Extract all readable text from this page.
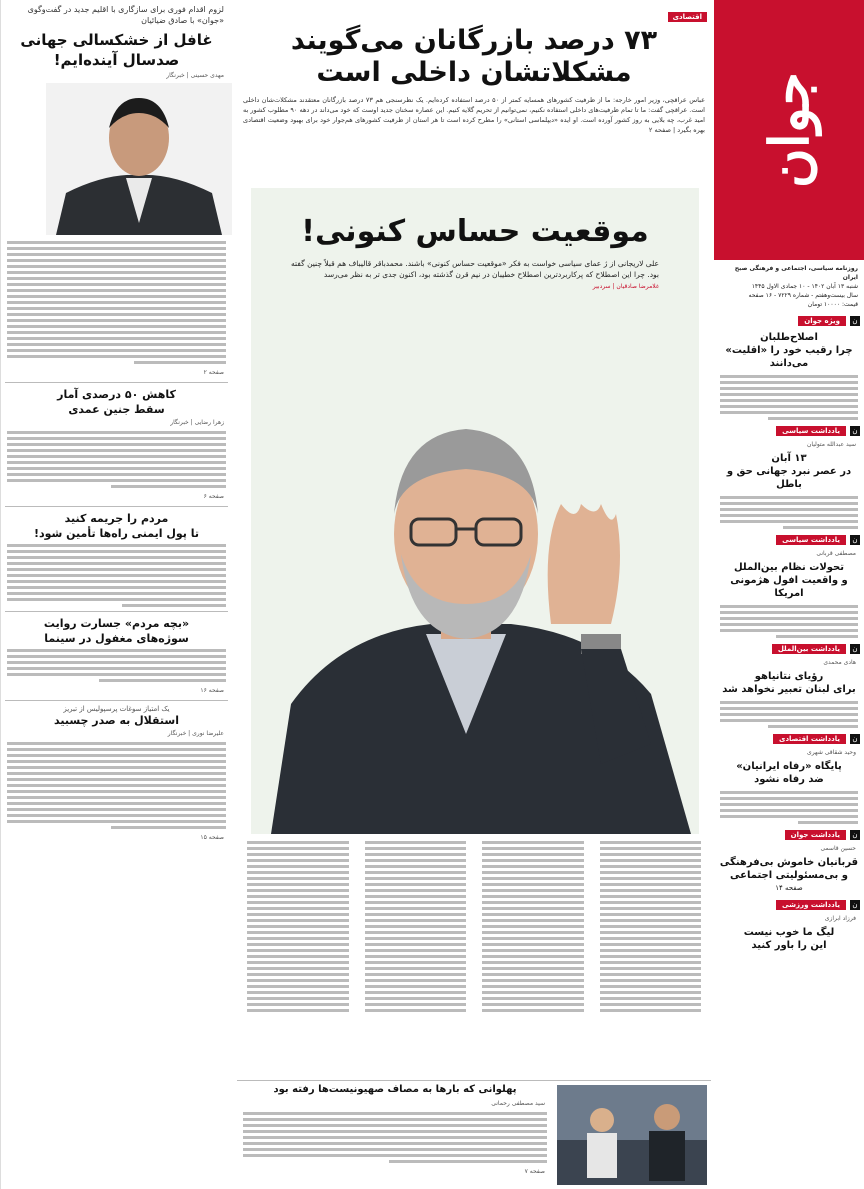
جوان
روزنامه سیاسی، اجتماعی و فرهنگی صبح ایران
شنبه ۱۳ آبان ۱۴۰۲ - ۱۰ جمادی الاول ۱۴۴۵
سال بیست‌وهفتم - شماره ۷۲۲۹ - ۱۶ صفحه
قیمت: ۱۰۰۰۰ تومان
ن
ویژه جوان
اصلاح‌طلبان
چرا رقیب خود را «اقلیت» می‌دانند
ن
یادداشت سیاسی
سید عبدالله متولیان
۱۳ آبان
در عصر نبرد جهانی حق و باطل
ن
یادداشت سیاسی
مصطفی قربانی
تحولات نظام بین‌الملل
و واقعیت افول هژمونی امریکا
ن
یادداشت بین‌الملل
هادی محمدی
رؤیای نتانیاهو
برای لبنان تعبیر نخواهد شد
ن
یادداشت اقتصادی
وحید شقاقی شهری
پایگاه «رفاه ایرانیان»
ضد رفاه نشود
ن
یادداشت جوان
حسین قاسمی
قربانیان خاموش بی‌فرهنگی
و بی‌مسئولیتی اجتماعی
صفحه ۱۴
ن
یادداشت ورزشی
فرزاد ابرازی
لیگ ما خوب نیست
این را باور کنید
اقتصادی
۷۳ درصد بازرگانان می‌گویند
مشکلاتشان داخلی است
عباس عراقچی، وزیر امور خارجه: ما از ظرفیت کشورهای همسایه کمتر از ۵۰ درصد استفاده کرده‌ایم. یک نظرسنجی هم ۷۳ درصد بازرگانان معتقدند مشکلات‌شان داخلی است. عراقچی گفت: ما تا تمام ظرفیت‌های داخلی استفاده نکنیم، نمی‌توانیم از تحریم گلایه کنیم. این عصاره سخنان جدید اوست که خود می‌داند در دهه ۹۰ مطلوب کشور به امید غرب، چه بلایی به روز کشور آورده است. او ایده «دیپلماسی استانی» را مطرح کرده است تا هر استان از ظرفیت کشورهای هم‌جوار خود برای بهبود وضعیت اقتصادی بهره بگیرد | صفحه ۲
موقعیت حساس کنونی!
علی لاریجانی از ژ عمای سیاسی خواست به فکر «موقعیت حساس کنونی» باشند. محمدباقر قالیباف هم قبلاً چنین گفته بود. چرا این اصطلاح که پرکاربردترین اصطلاح خطیبان در نیم قرن گذشته بود، اکنون جدی تر به نظر می‌رسد
غلامرضا صادقیان | سردبیر
پهلوانی که بارها به مصاف صهیونیست‌ها رفته بود
سید مصطفی رحمانی
صفحه ۷
لزوم اقدام فوری برای سازگاری با اقلیم جدید در گفت‌وگوی «جوان» با صادق ضیائیان
غافل از خشکسالی جهانی
صدسال آینده‌ایم!
مهدی حسینی | خبرنگار
صفحه ۲
کاهش ۵۰ درصدی آمار
سقط جنین عمدی
زهرا رضایی | خبرنگار
صفحه ۶
مردم را جریمه کنید
تا پول ایمنی راه‌ها تأمین شود!
«بچه مردم» جسارت روایت
سوژه‌های مغفول در سینما
صفحه ۱۶
یک امتیاز سوغات پرسپولیس از تبریز
استقلال به صدر چسبید
علیرضا نوری | خبرنگار
صفحه ۱۵
